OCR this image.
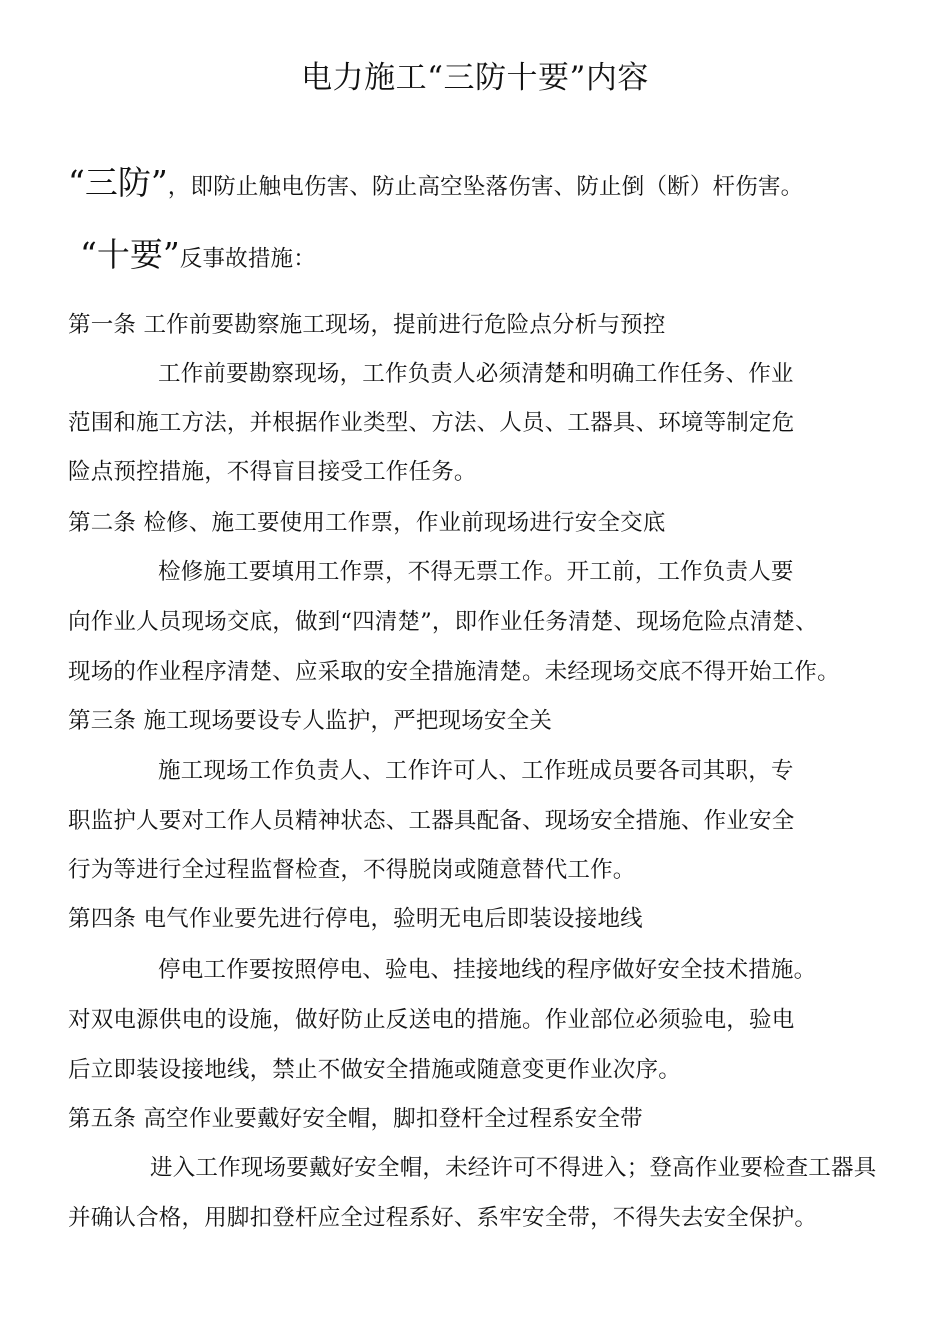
电力施工“三防十要”内容
“三防”，即防止触电伤害、防止高空坠落伤害、防止倒（断）杆伤害。
“十要”反事故措施：
第一条 工作前要勘察施工现场，提前进行危险点分析与预控
工作前要勘察现场，工作负责人必须清楚和明确工作任务、作业
范围和施工方法，并根据作业类型、方法、人员、工器具、环境等制定危
险点预控措施，不得盲目接受工作任务。
第二条 检修、施工要使用工作票，作业前现场进行安全交底
检修施工要填用工作票，不得无票工作。开工前，工作负责人要
向作业人员现场交底，做到“四清楚”，即作业任务清楚、现场危险点清楚、
现场的作业程序清楚、应采取的安全措施清楚。未经现场交底不得开始工作。
第三条 施工现场要设专人监护，严把现场安全关
施工现场工作负责人、工作许可人、工作班成员要各司其职，专
职监护人要对工作人员精神状态、工器具配备、现场安全措施、作业安全
行为等进行全过程监督检查，不得脱岗或随意替代工作。
第四条 电气作业要先进行停电，验明无电后即装设接地线
停电工作要按照停电、验电、挂接地线的程序做好安全技术措施。
对双电源供电的设施，做好防止反送电的措施。作业部位必须验电，验电
后立即装设接地线，禁止不做安全措施或随意变更作业次序。
第五条 高空作业要戴好安全帽，脚扣登杆全过程系安全带
进入工作现场要戴好安全帽，未经许可不得进入；登高作业要检查工器具
并确认合格，用脚扣登杆应全过程系好、系牢安全带，不得失去安全保护。
